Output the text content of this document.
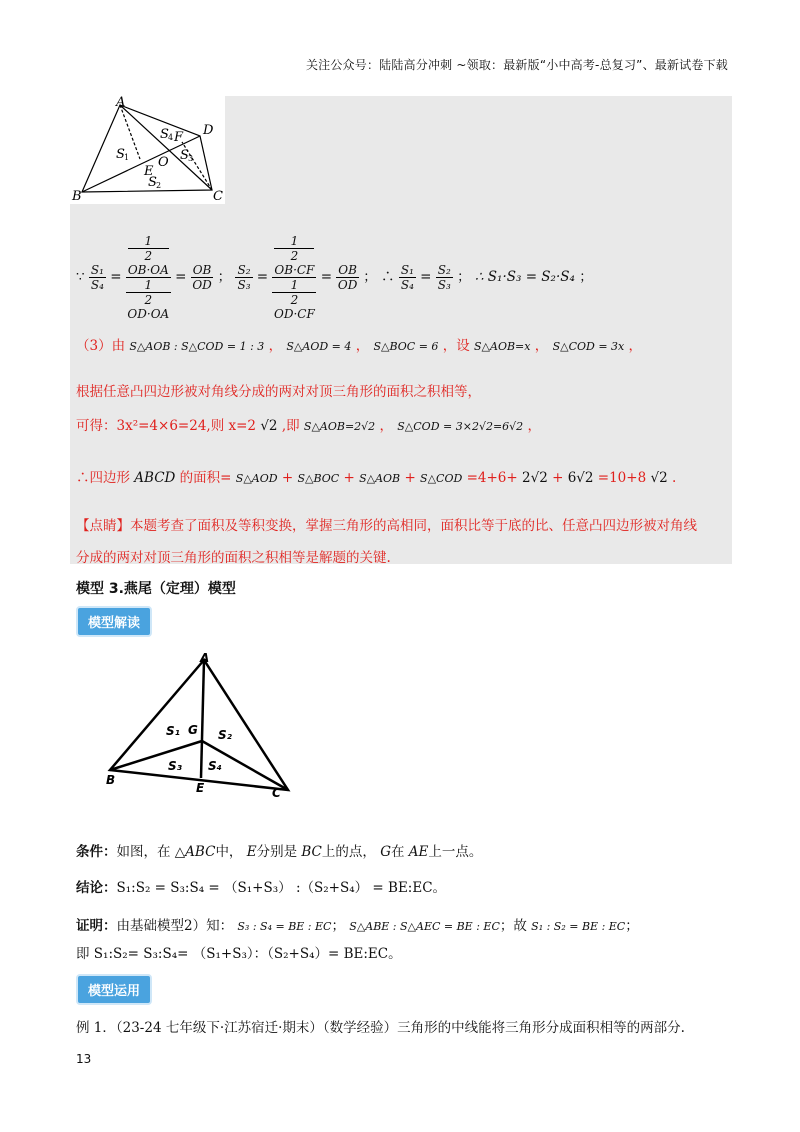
关注公众号：陆陆高分冲刺 ~领取：最新版“小中高考-总复习”、最新试卷下载
A
D
B	C
O
E
F
S
S	S
S
4
1	3
2
∵ $\frac{\text{S₁}}{\text{S₄}} = 1$
2
OB·OA
1
2
$OD\cdot OA = \frac{OB}{OD}$ ； $\frac{\text{S₂}}{\text{S₃}} = 1$
2
OB·CF
1
2
$OD\cdot CF = \frac{OB}{OD}$ ； ∴ $\frac{\text{S₁}}{\text{S₄}} = \frac{\text{S₂}}{\text{S₃}}$ ； ∴ S₁·S₃ = S₂·S₄ ；
（3）由 S△AOB : S△COD = 1 : 3 ， S△AOD = 4 ， S△BOC = 6 ，设 S△AOB=x ， S△COD = 3x ，
根据任意凸四边形被对角线分成的两对对顶三角形的面积之积相等，
可得：3x²=4×6=24,则 x=2 √2 ,即 S△AOB=2√2 ， S△COD = 3×2√2=6√2 ，
∴四边形 ABCD 的面积= S△AOD + S△BOC + S△AOB + S△COD =4+6+ 2√2 + 6√2 =10+8 √2 .
【点睛】本题考查了面积及等积变换，掌握三角形的高相同，面积比等于底的比、任意凸四边形被对角线
分成的两对对顶三角形的面积之积相等是解题的关键.
模型 3.燕尾（定理）模型
模型解读
A
B
C
E
G
S₁	S₂
S₃ S₄
条件：如图，在 △ABC中， E分别是 BC上的点， G在 AE上一点。
结论：S₁:S₂ = S₃:S₄ = （S₁+S₃） :（S₂+S₄） = BE:EC。
证明：由基础模型2）知： S₃ : S₄ = BE : EC； S△ABE : S△AEC = BE : EC；故 S₁ : S₂ = BE : EC；
即 S₁:S₂= S₃:S₄= （S₁+S₃）：（S₂+S₄）= BE:EC。
模型运用
例 1．（23-24 七年级下·江苏宿迁·期末）（数学经验）三角形的中线能将三角形分成面积相等的两部分.
13
